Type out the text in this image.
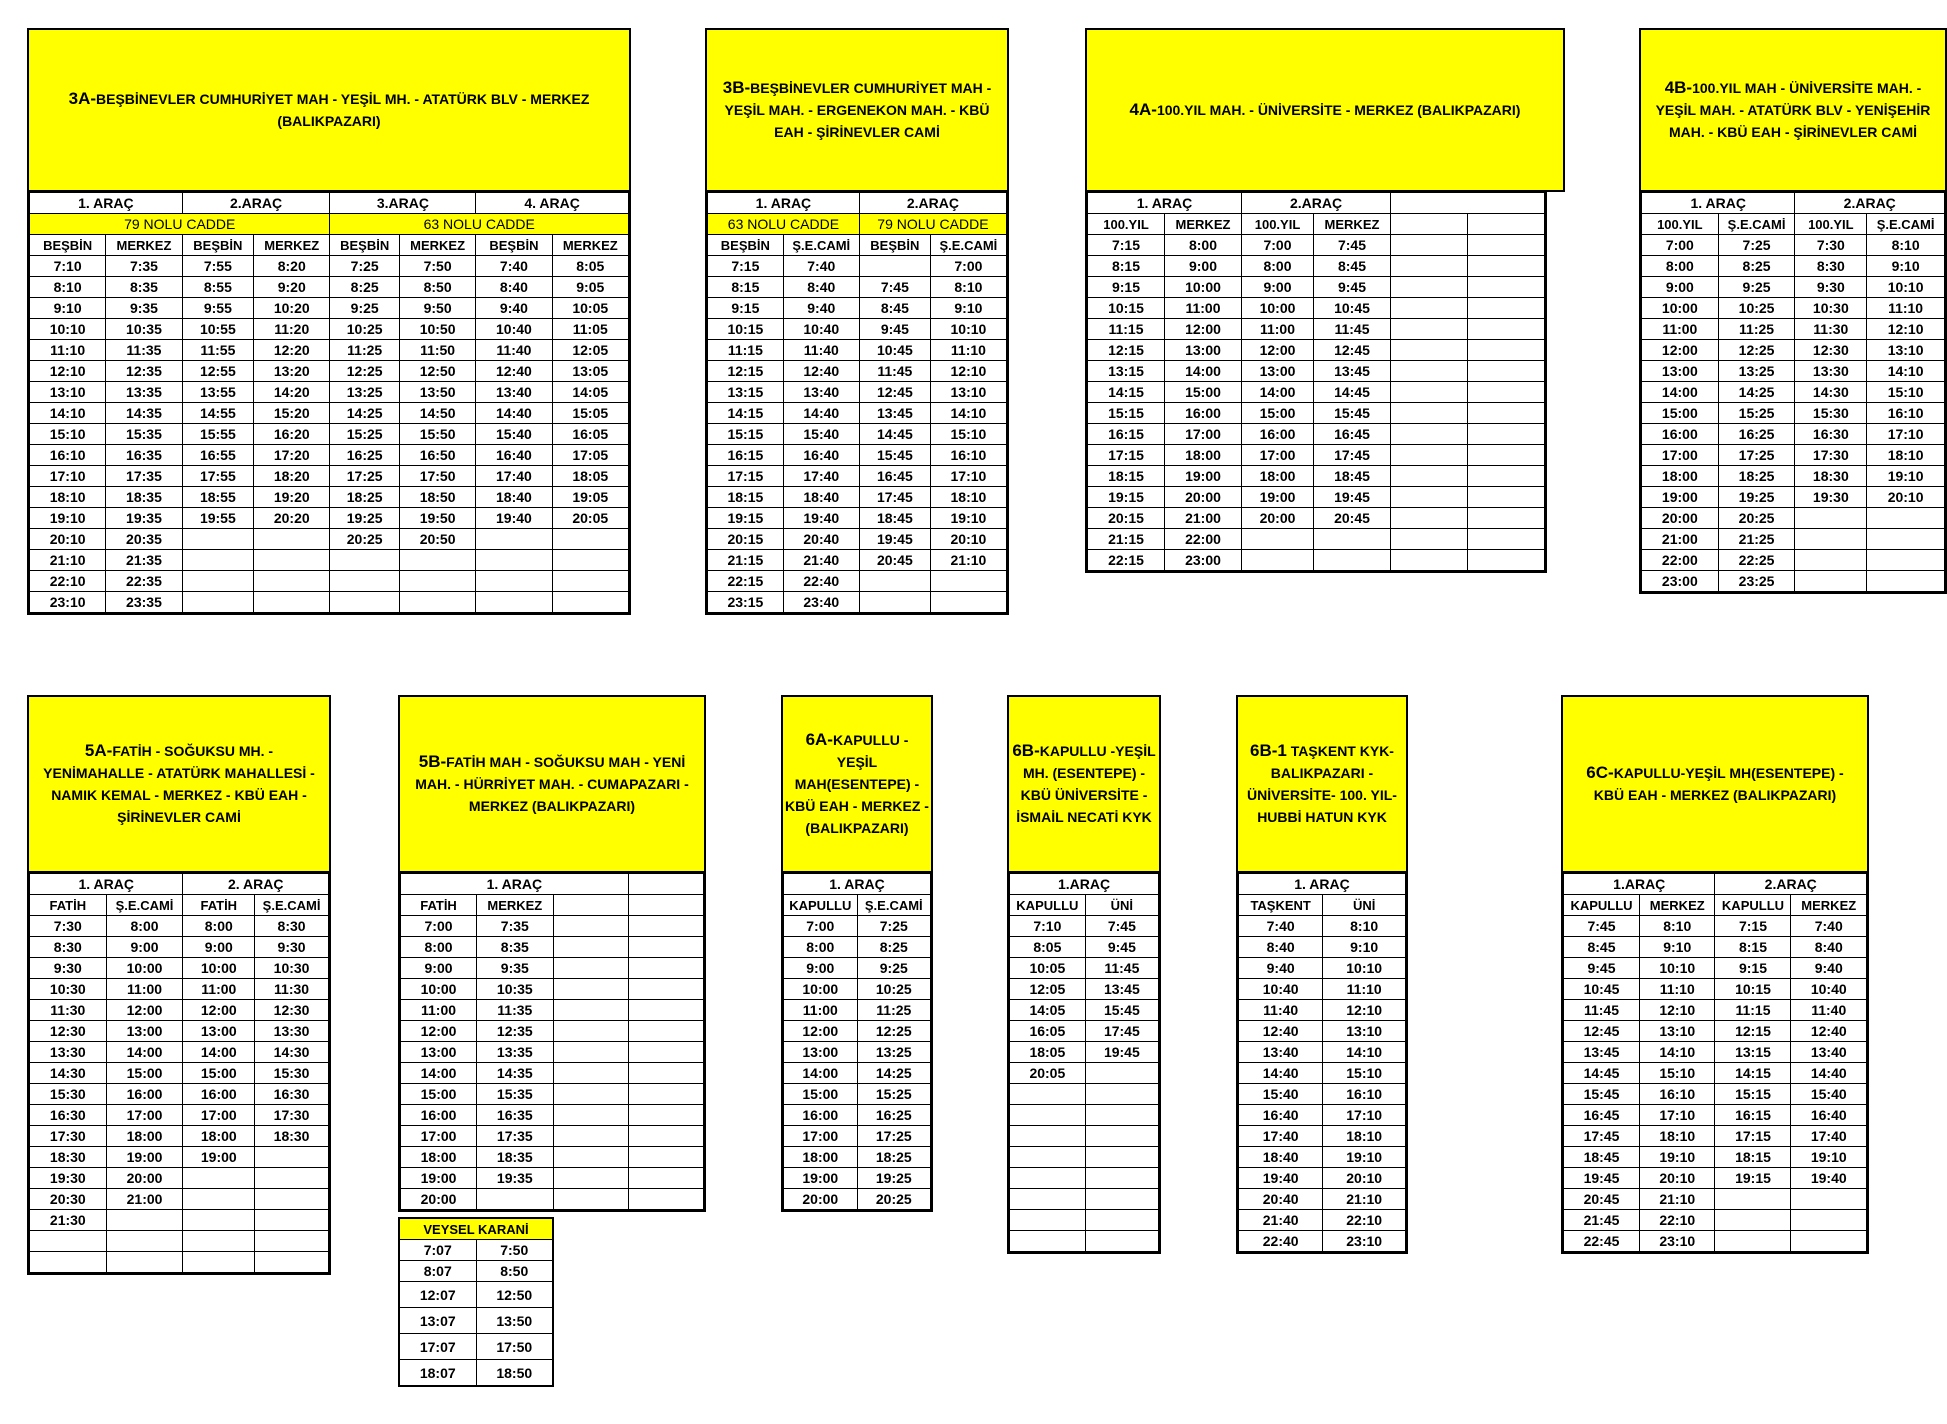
3A-BEŞBİNEVLER CUMHURİYET MAH - YEŞİL MH. - ATATÜRK BLV - MERKEZ (BALIKPAZARI)
1. ARAÇ		2.ARAÇ		3.ARAÇ		4. ARAÇ	
79 NOLU CADDE				63 NOLU CADDE			
BEŞBİN	MERKEZ	BEŞBİN	MERKEZ	BEŞBİN	MERKEZ	BEŞBİN	MERKEZ
7:10	7:35	7:55	8:20	7:25	7:50	7:40	8:05
8:10	8:35	8:55	9:20	8:25	8:50	8:40	9:05
9:10	9:35	9:55	10:20	9:25	9:50	9:40	10:05
10:10	10:35	10:55	11:20	10:25	10:50	10:40	11:05
11:10	11:35	11:55	12:20	11:25	11:50	11:40	12:05
12:10	12:35	12:55	13:20	12:25	12:50	12:40	13:05
13:10	13:35	13:55	14:20	13:25	13:50	13:40	14:05
14:10	14:35	14:55	15:20	14:25	14:50	14:40	15:05
15:10	15:35	15:55	16:20	15:25	15:50	15:40	16:05
16:10	16:35	16:55	17:20	16:25	16:50	16:40	17:05
17:10	17:35	17:55	18:20	17:25	17:50	17:40	18:05
18:10	18:35	18:55	19:20	18:25	18:50	18:40	19:05
19:10	19:35	19:55	20:20	19:25	19:50	19:40	20:05
20:10	20:35			20:25	20:50		
21:10	21:35						
22:10	22:35						
23:10	23:35						
3B-BEŞBİNEVLER CUMHURİYET MAH - YEŞİL MAH. - ERGENEKON MAH. - KBÜ EAH - ŞİRİNEVLER CAMİ
1. ARAÇ		2.ARAÇ	
63 NOLU CADDE		79 NOLU CADDE	
BEŞBİN	Ş.E.CAMİ	BEŞBİN	Ş.E.CAMİ
7:15	7:40		7:00
8:15	8:40	7:45	8:10
9:15	9:40	8:45	9:10
10:15	10:40	9:45	10:10
11:15	11:40	10:45	11:10
12:15	12:40	11:45	12:10
13:15	13:40	12:45	13:10
14:15	14:40	13:45	14:10
15:15	15:40	14:45	15:10
16:15	16:40	15:45	16:10
17:15	17:40	16:45	17:10
18:15	18:40	17:45	18:10
19:15	19:40	18:45	19:10
20:15	20:40	19:45	20:10
21:15	21:40	20:45	21:10
22:15	22:40		
23:15	23:40		
4A-100.YIL MAH. - ÜNİVERSİTE - MERKEZ (BALIKPAZARI)
1. ARAÇ		2.ARAÇ			
100.YIL	MERKEZ	100.YIL	MERKEZ		
7:15	8:00	7:00	7:45		
8:15	9:00	8:00	8:45		
9:15	10:00	9:00	9:45		
10:15	11:00	10:00	10:45		
11:15	12:00	11:00	11:45		
12:15	13:00	12:00	12:45		
13:15	14:00	13:00	13:45		
14:15	15:00	14:00	14:45		
15:15	16:00	15:00	15:45		
16:15	17:00	16:00	16:45		
17:15	18:00	17:00	17:45		
18:15	19:00	18:00	18:45		
19:15	20:00	19:00	19:45		
20:15	21:00	20:00	20:45		
21:15	22:00				
22:15	23:00				
4B-100.YIL MAH - ÜNİVERSİTE MAH. - YEŞİL MAH. - ATATÜRK BLV - YENİŞEHİR MAH. - KBÜ EAH - ŞİRİNEVLER CAMİ
1. ARAÇ		2.ARAÇ	
100.YIL	Ş.E.CAMİ	100.YIL	Ş.E.CAMİ
7:00	7:25	7:30	8:10
8:00	8:25	8:30	9:10
9:00	9:25	9:30	10:10
10:00	10:25	10:30	11:10
11:00	11:25	11:30	12:10
12:00	12:25	12:30	13:10
13:00	13:25	13:30	14:10
14:00	14:25	14:30	15:10
15:00	15:25	15:30	16:10
16:00	16:25	16:30	17:10
17:00	17:25	17:30	18:10
18:00	18:25	18:30	19:10
19:00	19:25	19:30	20:10
20:00	20:25		
21:00	21:25		
22:00	22:25		
23:00	23:25		
5A-FATİH - SOĞUKSU MH. - YENİMAHALLE - ATATÜRK MAHALLESİ - NAMIK KEMAL - MERKEZ - KBÜ EAH - ŞİRİNEVLER CAMİ
1. ARAÇ		2. ARAÇ	
FATİH	Ş.E.CAMİ	FATİH	Ş.E.CAMİ
7:30	8:00	8:00	8:30
8:30	9:00	9:00	9:30
9:30	10:00	10:00	10:30
10:30	11:00	11:00	11:30
11:30	12:00	12:00	12:30
12:30	13:00	13:00	13:30
13:30	14:00	14:00	14:30
14:30	15:00	15:00	15:30
15:30	16:00	16:00	16:30
16:30	17:00	17:00	17:30
17:30	18:00	18:00	18:30
18:30	19:00	19:00	
19:30	20:00		
20:30	21:00		
21:30			

5B-FATİH MAH - SOĞUKSU MAH - YENİ MAH. - HÜRRİYET MAH. - CUMAPAZARI - MERKEZ (BALIKPAZARI)
1. ARAÇ			
FATİH	MERKEZ		
7:00	7:35		
8:00	8:35		
9:00	9:35		
10:00	10:35		
11:00	11:35		
12:00	12:35		
13:00	13:35		
14:00	14:35		
15:00	15:35		
16:00	16:35		
17:00	17:35		
18:00	18:35		
19:00	19:35		
20:00			
VEYSEL KARANİ	
7:07	7:50
8:07	8:50
12:07	12:50
13:07	13:50
17:07	17:50
18:07	18:50
6A-KAPULLU - YEŞİL MAH(ESENTEPE) - KBÜ EAH - MERKEZ - (BALIKPAZARI)
1. ARAÇ	
KAPULLU	Ş.E.CAMİ
7:00	7:25
8:00	8:25
9:00	9:25
10:00	10:25
11:00	11:25
12:00	12:25
13:00	13:25
14:00	14:25
15:00	15:25
16:00	16:25
17:00	17:25
18:00	18:25
19:00	19:25
20:00	20:25
6B-KAPULLU -YEŞİL MH. (ESENTEPE) - KBÜ ÜNİVERSİTE - İSMAİL NECATİ KYK
1.ARAÇ	
KAPULLU	ÜNİ
7:10	7:45
8:05	9:45
10:05	11:45
12:05	13:45
14:05	15:45
16:05	17:45
18:05	19:45
20:05	

6B-1 TAŞKENT KYK- BALIKPAZARI - ÜNİVERSİTE- 100. YIL- HUBBİ HATUN KYK
1. ARAÇ	
TAŞKENT	ÜNİ
7:40	8:10
8:40	9:10
9:40	10:10
10:40	11:10
11:40	12:10
12:40	13:10
13:40	14:10
14:40	15:10
15:40	16:10
16:40	17:10
17:40	18:10
18:40	19:10
19:40	20:10
20:40	21:10
21:40	22:10
22:40	23:10
6C-KAPULLU-YEŞİL MH(ESENTEPE) - KBÜ EAH - MERKEZ (BALIKPAZARI)
1.ARAÇ		2.ARAÇ	
KAPULLU	MERKEZ	KAPULLU	MERKEZ
7:45	8:10	7:15	7:40
8:45	9:10	8:15	8:40
9:45	10:10	9:15	9:40
10:45	11:10	10:15	10:40
11:45	12:10	11:15	11:40
12:45	13:10	12:15	12:40
13:45	14:10	13:15	13:40
14:45	15:10	14:15	14:40
15:45	16:10	15:15	15:40
16:45	17:10	16:15	16:40
17:45	18:10	17:15	17:40
18:45	19:10	18:15	19:10
19:45	20:10	19:15	19:40
20:45	21:10		
21:45	22:10		
22:45	23:10		
